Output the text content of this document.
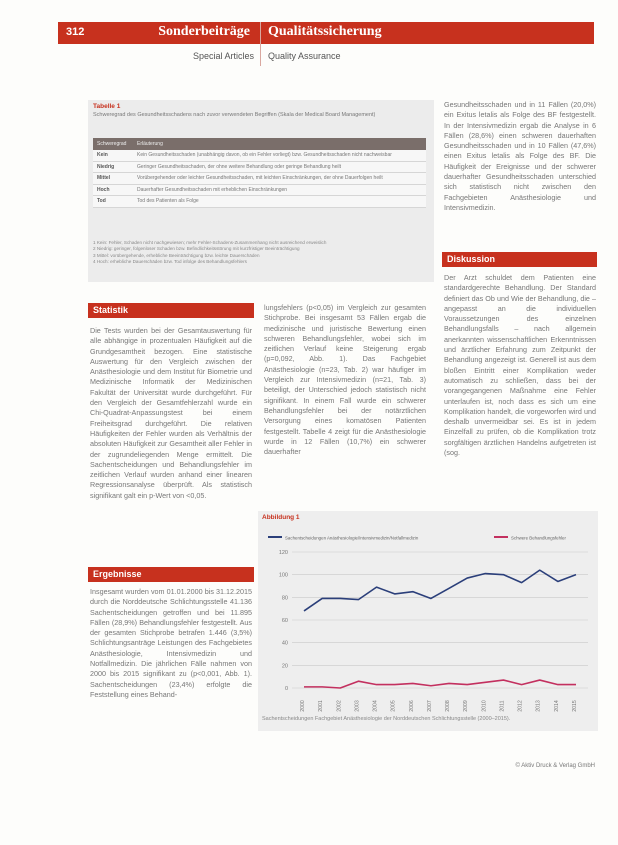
312	Sonderbeiträge Qualitätssicherung
Special Articles Quality Assurance
Tabelle 1
Schweregrad des Gesundheitsschadens nach zuvor verwendeten Begriffen (Skala der Medical Board Management)
Schweregrad	Erläuterung
Kein	Kein Gesundheitsschaden (unabhängig davon, ob ein Fehler vorliegt) bzw. Gesundheitsschaden nicht nachweisbar
Niedrig	Geringer Gesundheitsschaden, der ohne weitere Behandlung oder geringe Behandlung heilt
Mittel	Vorübergehender oder leichter Gesundheitsschaden, mit leichten Einschränkungen, der ohne Dauerfolgen heilt
Hoch	Dauerhafter Gesundheitsschaden mit erheblichen Einschränkungen
Tod	Tod des Patienten als Folge
1 Kein: Fehler, Schaden nicht nachgewiesen; mehr Fehler-Schadens-Zusammenhang nicht ausreichend erweislich
2 Niedrig: geringer, folgenloser Schaden bzw. Befindlichkeitsstörung mit kurzfristiger Beeinträchtigung
3 Mittel: vorübergehende, erhebliche Beeinträchtigung bzw. leichte Dauerschäden
4 Hoch: erhebliche Dauerschäden bzw. Tod infolge des Behandlungsfehlers
Gesundheitsschaden und in 11 Fällen (20,0%) ein Exitus letalis als Folge des BF festgestellt. In der Intensivmedizin ergab die Analyse in 6 Fällen (28,6%) einen schweren dauerhaften Gesundheitsschaden und in 10 Fällen (47,6%) einen Exitus letalis als Folge des BF. Die Häufigkeit der Ereignisse und der schwerer dauerhafter Gesundheitsschaden unterschied sich statistisch nicht zwischen den Fachgebieten Anästhesiologie und Intensivmedizin.
Diskussion
Der Arzt schuldet dem Patienten eine standardgerechte Behandlung. Der Standard definiert das Ob und Wie der Behandlung, die – angepasst an die individuellen Voraussetzungen des einzelnen Behandlungsfalls – nach allgemein anerkannten wissenschaftlichen Erkenntnissen und ärztlicher Erfahrung zum Zeitpunkt der Behandlung angezeigt ist. Generell ist aus dem bloßen Eintritt einer Komplikation weder automatisch zu schließen, dass bei der vorangegangenen Maßnahme eine Fehler unterlaufen ist, noch dass es sich um eine Komplikation handelt, die vorgeworfen wird und deshalb unvermeidbar sei. Es ist in jedem Einzelfall zu prüfen, ob die Komplikation trotz sorgfältigen ärztlichen Handelns aufgetreten ist (sog.
Statistik
Die Tests wurden bei der Gesamtauswertung für alle abhängige in prozentualen Häufigkeit auf die Grundgesamtheit bezogen. Eine statistische Auswertung für den Vergleich zwischen der Anästhesiologie und dem Institut für Biometrie und Medizinische Informatik der Medizinischen Fakultät der Universität wurde durchgeführt. Für den Vergleich der Gesamtfehlerzahl wurde ein Chi-Quadrat-Anpassungstest bei einem Freiheitsgrad durchgeführt. Die relativen Häufigkeiten der Fehler wurden als Verhältnis der absoluten Häufigkeit zur Gesamtheit aller Fehler in der zugrundeliegenden Menge ermittelt. Die Sachentscheidungen und Behandlungsfehler im zeitlichen Verlauf wurden anhand einer linearen Regressionsanalyse überprüft. Als statistisch signifikant galt ein p-Wert von <0,05.
lungsfehlers (p<0,05) im Vergleich zur gesamten Stichprobe. Bei insgesamt 53 Fällen ergab die medizinische und juristische Bewertung einen schweren Behandlungsfehler, wobei sich im zeitlichen Verlauf keine Steigerung ergab (p=0,092, Abb. 1). Das Fachgebiet Anästhesiologie (n=23, Tab. 2) war häufiger im Vergleich zur Intensivmedizin (n=21, Tab. 3) beteiligt, der Unterschied jedoch statistisch nicht signifikant. In einem Fall wurde ein schwerer Behandlungsfehler bei der notärztlichen Versorgung eines komatösen Patienten festgestellt. Tabelle 4 zeigt für die Anästhesiologie wurde in 12 Fällen (10,7%) ein schwerer dauerhafter
Ergebnisse
Insgesamt wurden vom 01.01.2000 bis 31.12.2015 durch die Norddeutsche Schlichtungsstelle 41.136 Sachentscheidungen getroffen und bei 11.895 Fällen (28,9%) Behandlungsfehler festgestellt. Aus der gesamten Stichprobe betrafen 1.446 (3,5%) Schlichtungsanträge Leistungen des Fachgebietes Anästhesiologie, Intensivmedizin und Notfallmedizin. Die jährlichen Fälle nahmen von 2000 bis 2015 signifikant zu (p<0,001, Abb. 1). Sachentscheidungen (23,4%) erfolgte die Feststellung eines Behand-
Abbildung 1
Sachentscheidungen Anästhesiologie/Intensivmedizin/Notfallmedizin	Schwere Behandlungsfehler
0
20
40
60
80
100
120
2000 2001 2002 2003 2004 2005 2006 2007 2008 2009 2010 2011 2012 2013 2014 2015
Sachentscheidungen Fachgebiet Anästhesiologie der Norddeutschen Schlichtungsstelle (2000–2015).
© Aktiv Druck & Verlag GmbH
